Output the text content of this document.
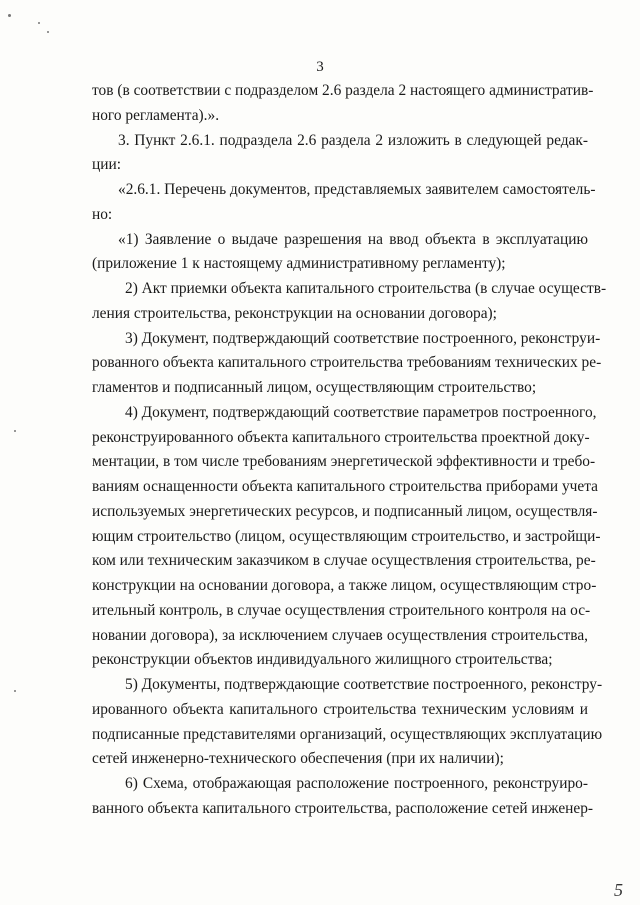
3
5
тов (в соответствии с подразделом 2.6 раздела 2 настоящего административ-
ного регламента).».
3. Пункт 2.6.1. подраздела 2.6 раздела 2 изложить в следующей редак-
ции:
«2.6.1. Перечень документов, представляемых заявителем самостоятель-
но:
«1) Заявление о выдаче разрешения на ввод объекта в эксплуатацию
(приложение 1 к настоящему административному регламенту);
2) Акт приемки объекта капитального строительства (в случае осуществ-
ления строительства, реконструкции на основании договора);
3) Документ, подтверждающий соответствие построенного, реконструи-
рованного объекта капитального строительства требованиям технических ре-
гламентов и подписанный лицом, осуществляющим строительство;
4) Документ, подтверждающий соответствие параметров построенного,
реконструированного объекта капитального строительства проектной доку-
ментации, в том числе требованиям энергетической эффективности и требо-
ваниям оснащенности объекта капитального строительства приборами учета
используемых энергетических ресурсов, и подписанный лицом, осуществля-
ющим строительство (лицом, осуществляющим строительство, и застройщи-
ком или техническим заказчиком в случае осуществления строительства, ре-
конструкции на основании договора, а также лицом, осуществляющим стро-
ительный контроль, в случае осуществления строительного контроля на ос-
новании договора), за исключением случаев осуществления строительства,
реконструкции объектов индивидуального жилищного строительства;
5) Документы, подтверждающие соответствие построенного, реконстру-
ированного объекта капитального строительства техническим условиям и
подписанные представителями организаций, осуществляющих эксплуатацию
сетей инженерно-технического обеспечения (при их наличии);
6) Схема, отображающая расположение построенного, реконструиро-
ванного объекта капитального строительства, расположение сетей инженер-
